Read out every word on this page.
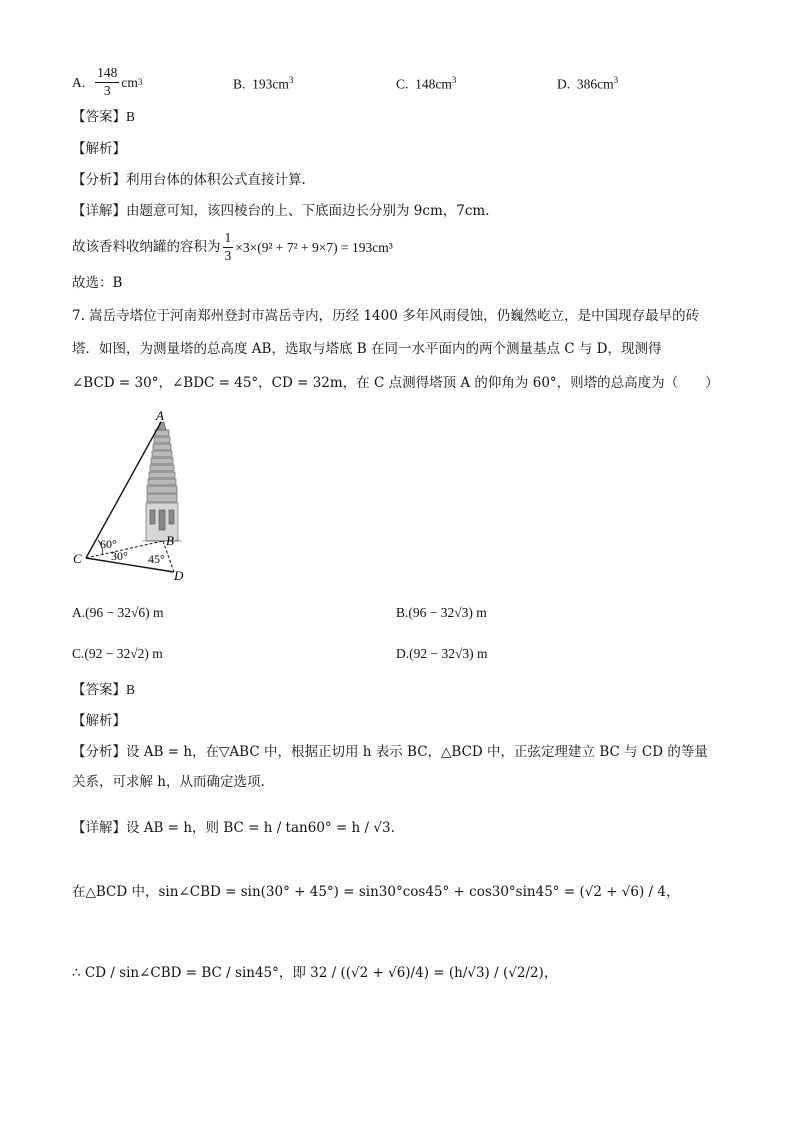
A. $\frac{148}{3}$ cm 3	B. $193cm^3$	C. $148cm^3$	D. $386cm^3$
【答案】B
【解析】
【分析】利用台体的体积公式直接计算.
【详解】由题意可知，该四棱台的上、下底面边长分别为 9cm，7cm.
故该香料收纳罐的容积为 $\frac{1}{3} \times 3\times(9^2 + 7^2 + 9\times 7) = 193cm^3$
故选：B
7. 嵩岳寺塔位于河南郑州登封市嵩岳寺内，历经 1400 多年风雨侵蚀，仍巍然屹立，是中国现存最早的砖
塔．如图，为测量塔的总高度 AB，选取与塔底 B 在同一水平面内的两个测量基点 C 与 D，现测得
∠BCD = 30°，∠BDC = 45°，CD = 32m，在 C 点测得塔顶 A 的仰角为 60°，则塔的总高度为（　　）
A
B
C
D
60°
30° 45°
A.(96 − 32√6) m	B.(96 − 32√3) m
C.(92 − 32√2) m	D.(92 − 32√3) m
【答案】B
【解析】
【分析】设 AB = h，在▽ABC 中，根据正切用 h 表示 BC，△BCD 中，正弦定理建立 BC 与 CD 的等量
关系，可求解 h，从而确定选项.
【详解】设 AB = h，则 BC = h / tan60° = h / √3.
在△BCD 中，sin∠CBD = sin(30° + 45°) = sin30°cos45° + cos30°sin45° = (√2 + √6) / 4，
∴ CD / sin∠CBD = BC / sin45°，即 32 / ((√2 + √6)/4) = (h/√3) / (√2/2)，
